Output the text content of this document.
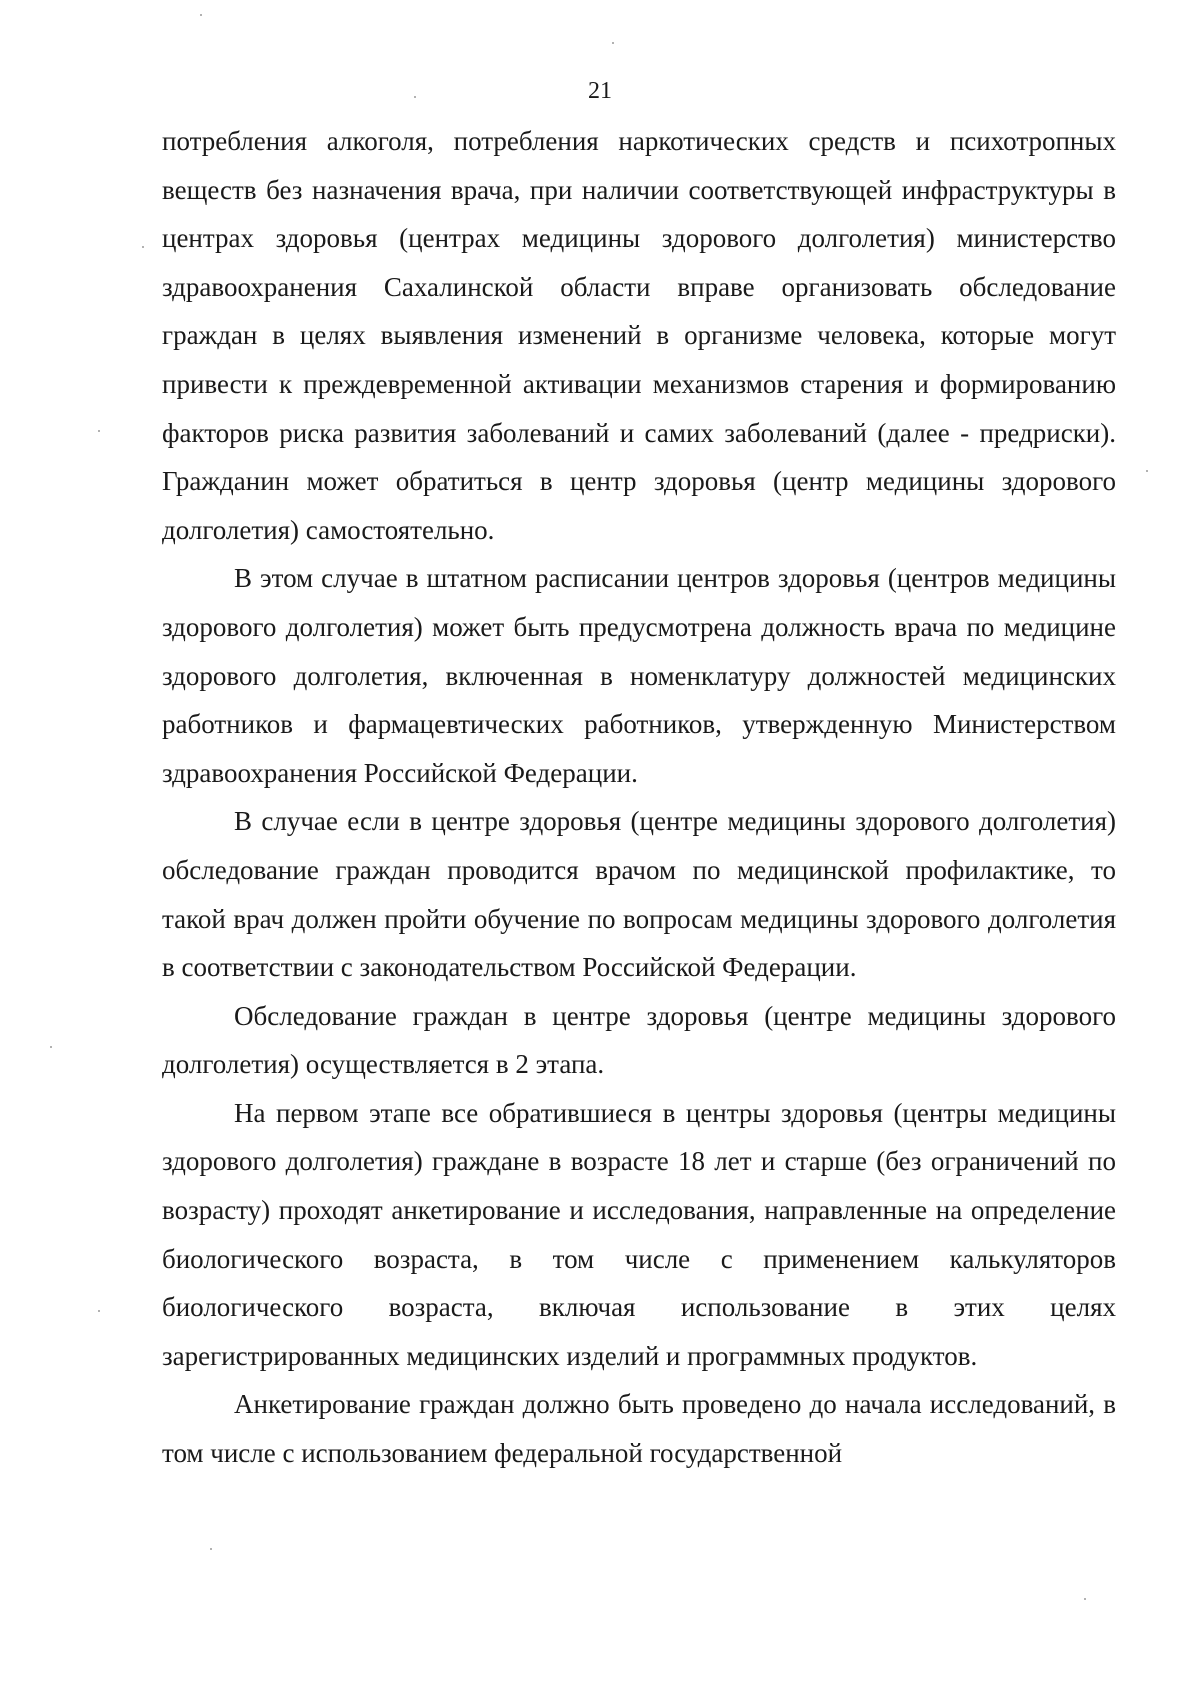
21

потребления алкоголя, потребления наркотических средств и психотропных веществ без назначения врача, при наличии соответствующей инфраструктуры в центрах здоровья (центрах медицины здорового долголетия) министерство здравоохранения Сахалинской области вправе организовать обследование граждан в целях выявления изменений в организме человека, которые могут привести к преждевременной активации механизмов старения и формированию факторов риска развития заболеваний и самих заболеваний (далее - предриски). Гражданин может обратиться в центр здоровья (центр медицины здорового долголетия) самостоятельно.

В этом случае в штатном расписании центров здоровья (центров медицины здорового долголетия) может быть предусмотрена должность врача по медицине здорового долголетия, включенная в номенклатуру должностей медицинских работников и фармацевтических работников, утвержденную Министерством здравоохранения Российской Федерации.

В случае если в центре здоровья (центре медицины здорового долголетия) обследование граждан проводится врачом по медицинской профилактике, то такой врач должен пройти обучение по вопросам медицины здорового долголетия в соответствии с законодательством Российской Федерации.

Обследование граждан в центре здоровья (центре медицины здорового долголетия) осуществляется в 2 этапа.

На первом этапе все обратившиеся в центры здоровья (центры медицины здорового долголетия) граждане в возрасте 18 лет и старше (без ограничений по возрасту) проходят анкетирование и исследования, направленные на определение биологического возраста, в том числе с применением калькуляторов биологического возраста, включая использование в этих целях зарегистрированных медицинских изделий и программных продуктов.

Анкетирование граждан должно быть проведено до начала исследований, в том числе с использованием федеральной государственной
